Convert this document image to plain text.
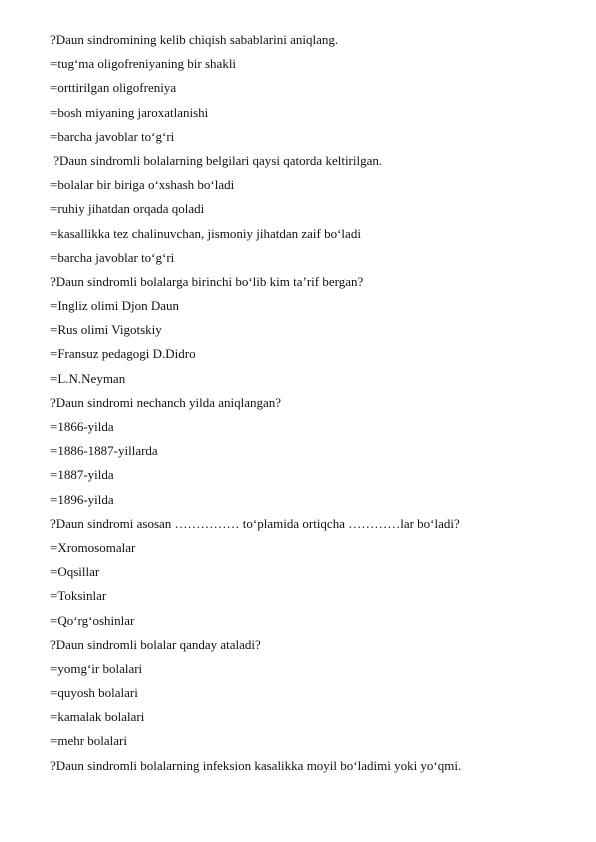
?Daun sindromining kelib chiqish sabablarini aniqlang.
=tug‘ma oligofreniyaning bir shakli
=orttirilgan oligofreniya
=bosh miyaning jaroxatlanishi
=barcha javoblar to‘g‘ri
?Daun sindromli bolalarning belgilari qaysi qatorda keltirilgan.
=bolalar bir biriga o‘xshash bo‘ladi
=ruhiy jihatdan orqada qoladi
=kasallikka tez chalinuvchan, jismoniy jihatdan zaif bo‘ladi
=barcha javoblar to‘g‘ri
?Daun sindromli bolalarga birinchi bo‘lib kim ta’rif bergan?
=Ingliz olimi Djon Daun
=Rus olimi Vigotskiy
=Fransuz pedagogi D.Didro
=L.N.Neyman
?Daun sindromi nechanch yilda aniqlangan?
=1866-yilda
=1886-1887-yillarda
=1887-yilda
=1896-yilda
?Daun sindromi asosan …………… to‘plamida ortiqcha …………lar bo‘ladi?
=Xromosomalar
=Oqsillar
=Toksinlar
=Qo‘rg‘oshinlar
?Daun sindromli bolalar qanday ataladi?
=yomg‘ir bolalari
=quyosh bolalari
=kamalak bolalari
=mehr bolalari
?Daun sindromli bolalarning infeksion kasalikka moyil bo‘ladimi yoki yo‘qmi.
